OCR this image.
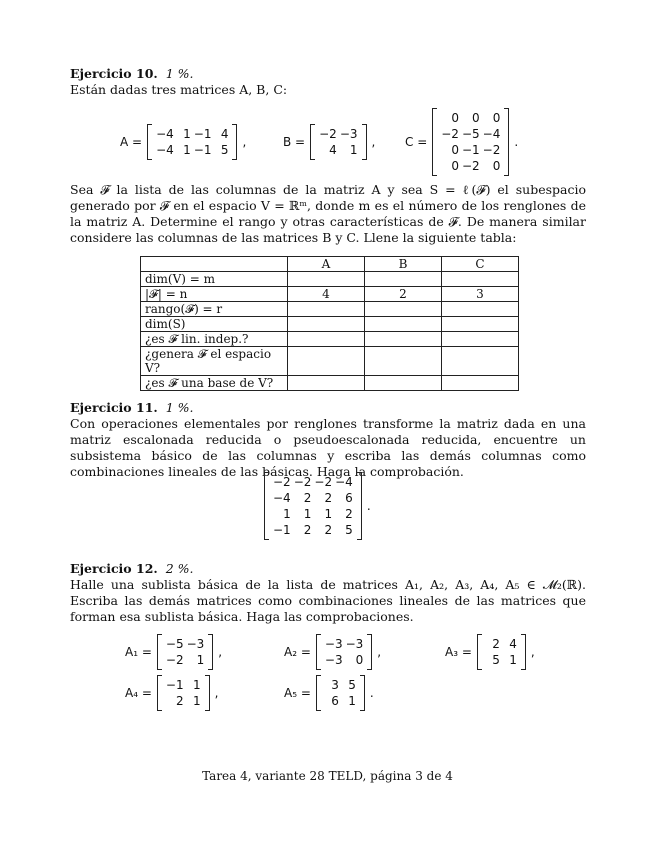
Ejercicio 10. 1 %.

Están dadas tres matrices A, B, C:

A =
−4 1 −1 4
−4 1 −1 5
,	B =
−2 −3
4	1
, C =
0	0	0
−2 −5 −4
0 −1 −2
0 −2	0
.

Sea 𝓕 la lista de las columnas de la matriz A y sea S = ℓ(𝓕) el subespacio generado por 𝓕 en el espacio V = ℝᵐ, donde m es el número de los renglones de la matriz A. Determine el rango y otras características de 𝓕. De manera similar considere las columnas de las matrices B y C. Llene la siguiente tabla:

	A	B	C
dim(V) = m			
|𝓕| = n	4	2	3
rango(𝓕) = r			
dim(S)			
¿es 𝓕 lin. indep.?			
¿genera 𝓕 el espacio V?			
¿es 𝓕 una base de V?			

Ejercicio 11. 1 %.

Con operaciones elementales por renglones transforme la matriz dada en una matriz escalonada reducida o pseudoescalonada reducida, encuentre un subsistema básico de las columnas y escriba las demás columnas como combinaciones lineales de las básicas. Haga la comprobación.

−2 −2 −2 −4
−4	2	2	6
1	1	1	2
−1	2	2	5
.

Ejercicio 12. 2 %.

Halle una sublista básica de la lista de matrices A₁, A₂, A₃, A₄, A₅ ∈ 𝓜₂(ℝ). Escriba las demás matrices como combinaciones lineales de las matrices que forman esa sublista básica. Haga las comprobaciones.

A₁ =
−5 −3
−2	1
,	A₂ =
−3 −3
−3	0
,	A₃ =
2 4
5 1
,
A₄ =
−1 1
2 1
,	A₅ =
3 5
6 1
.
Tarea 4, variante 28 TELD, página 3 de 4
